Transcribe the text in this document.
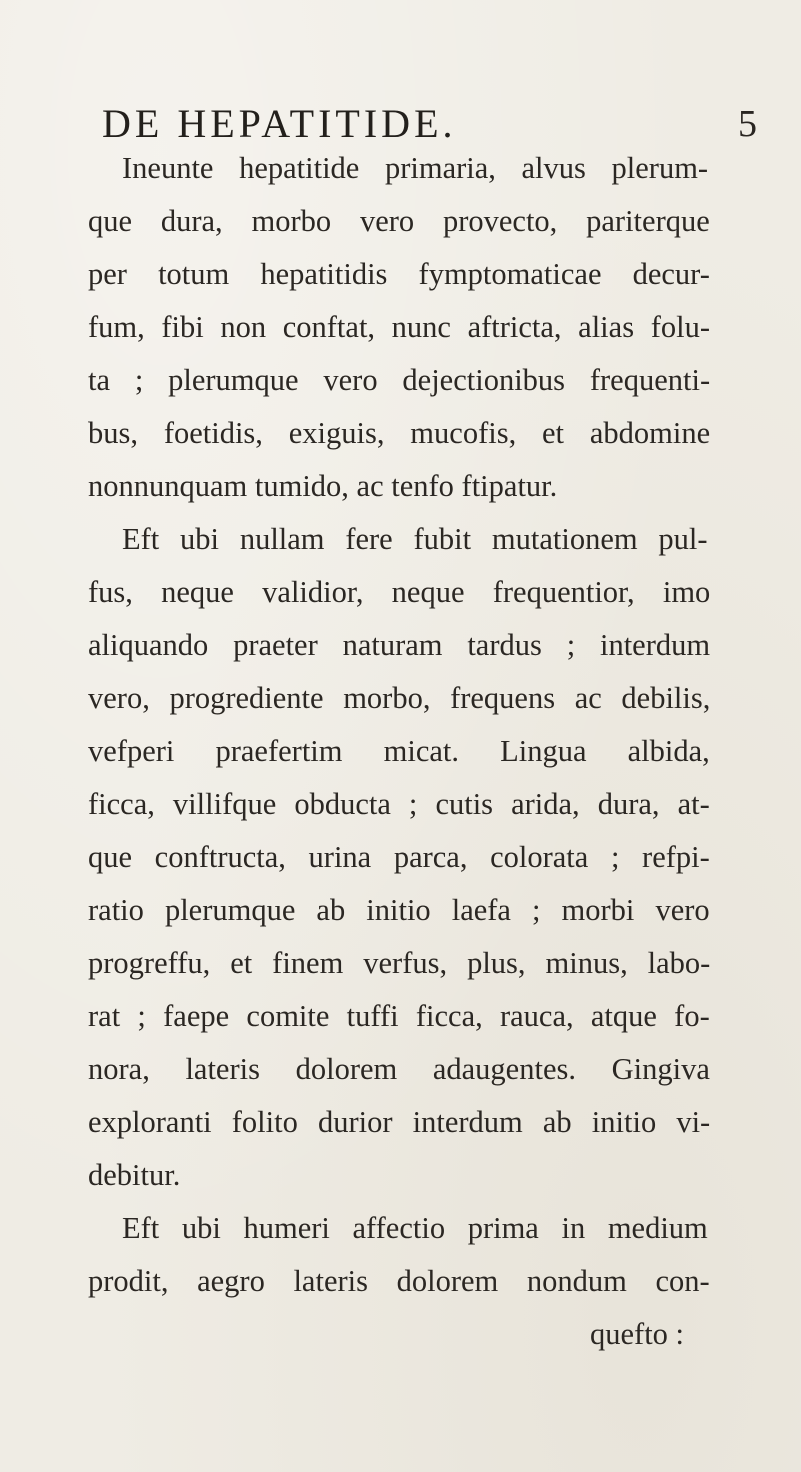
DE HEPATITIDE.	5
Ineunte hepatitide primaria, alvus plerum-
que dura, morbo vero provecto, pariterque
per totum hepatitidis fymptomaticae decur-
fum, fibi non conftat, nunc aftricta, alias folu-
ta ; plerumque vero dejectionibus frequenti-
bus, foetidis, exiguis, mucofis, et abdomine
nonnunquam tumido, ac tenfo ftipatur.
Eft ubi nullam fere fubit mutationem pul-
fus, neque validior, neque frequentior, imo
aliquando praeter naturam tardus ; interdum
vero, progrediente morbo, frequens ac debilis,
vefperi praefertim micat. Lingua albida,
ficca, villifque obducta ; cutis arida, dura, at-
que conftructa, urina parca, colorata ; refpi-
ratio plerumque ab initio laefa ; morbi vero
progreffu, et finem verfus, plus, minus, labo-
rat ; faepe comite tuffi ficca, rauca, atque fo-
nora, lateris dolorem adaugentes. Gingiva
exploranti folito durior interdum ab initio vi-
debitur.
Eft ubi humeri affectio prima in medium
prodit, aegro lateris dolorem nondum con-
quefto :
